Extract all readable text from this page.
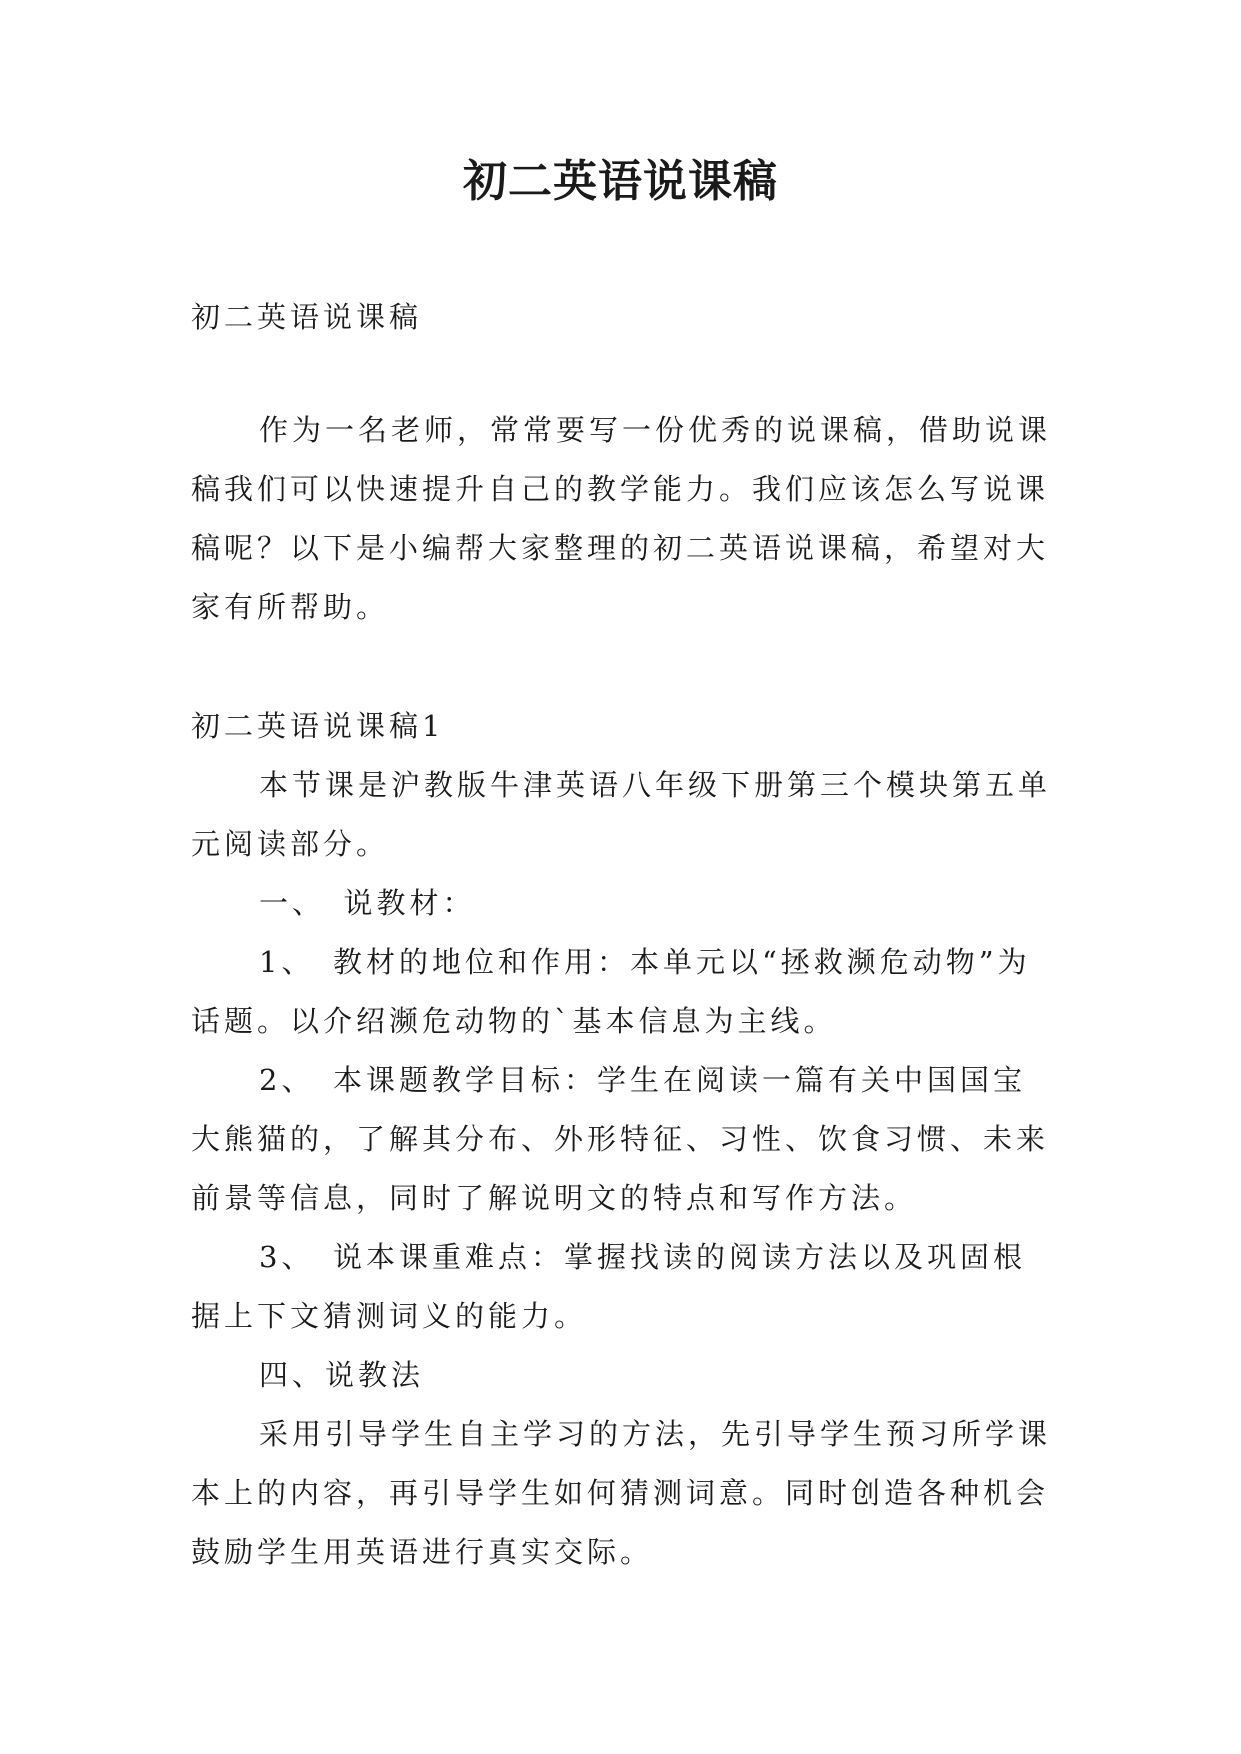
初二英语说课稿

初二英语说课稿

作为一名老师，常常要写一份优秀的说课稿，借助说课稿我们可以快速提升自己的教学能力。我们应该怎么写说课稿呢？以下是小编帮大家整理的初二英语说课稿，希望对大家有所帮助。

初二英语说课稿1

本节课是沪教版牛津英语八年级下册第三个模块第五单元阅读部分。

一、　说教材：

1、　教材的地位和作用：本单元以“拯救濒危动物”为话题。以介绍濒危动物的`基本信息为主线。

2、　本课题教学目标：学生在阅读一篇有关中国国宝大熊猫的，了解其分布、外形特征、习性、饮食习惯、未来前景等信息，同时了解说明文的特点和写作方法。

3、　说本课重难点：掌握找读的阅读方法以及巩固根据上下文猜测词义的能力。

四、说教法

采用引导学生自主学习的方法，先引导学生预习所学课本上的内容，再引导学生如何猜测词意。同时创造各种机会鼓励学生用英语进行真实交际。
